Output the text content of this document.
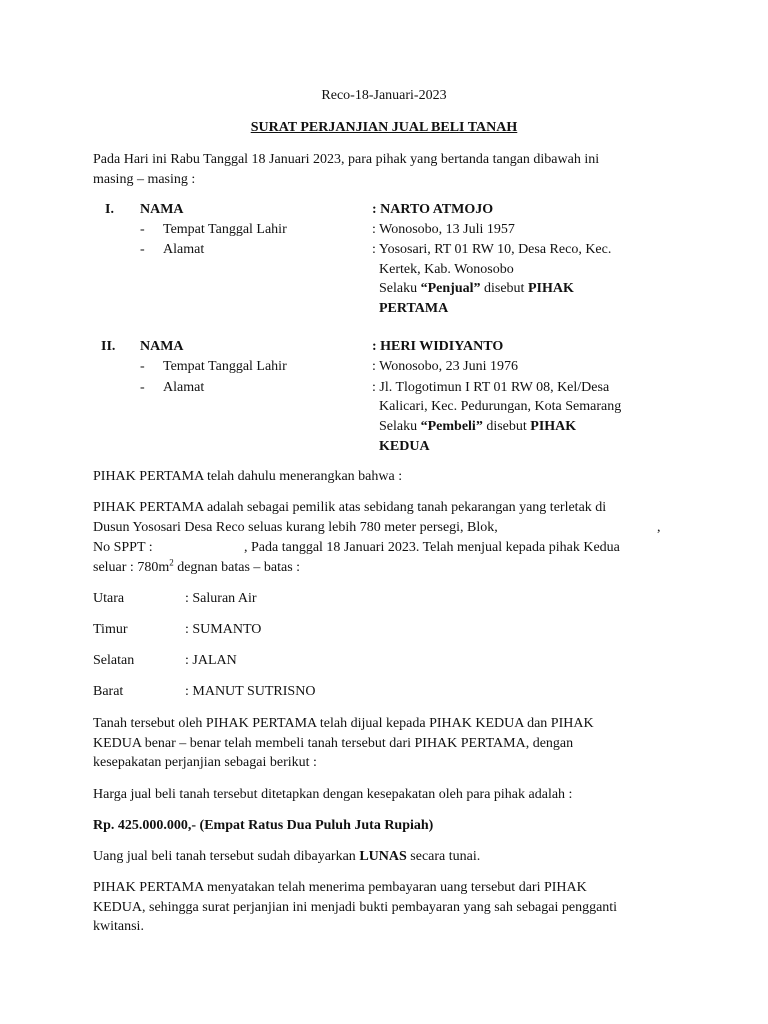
Reco-18-Januari-2023
SURAT PERJANJIAN JUAL BELI TANAH
Pada Hari ini Rabu Tanggal 18 Januari 2023, para pihak yang bertanda tangan dibawah ini
masing – masing :
I. NAMA	: NARTO ATMOJO
- Tempat Tanggal Lahir	: Wonosobo, 13 Juli 1957
- Alamat	: Yososari, RT 01 RW 10, Desa Reco, Kec.
Kertek, Kab. Wonosobo
Selaku “Penjual” disebut PIHAK
PERTAMA
II. NAMA	: HERI WIDIYANTO
- Tempat Tanggal Lahir	: Wonosobo, 23 Juni 1976
- Alamat	: Jl. Tlogotimun I RT 01 RW 08, Kel/Desa
Kalicari, Kec. Pedurungan, Kota Semarang
Selaku “Pembeli” disebut PIHAK
KEDUA
PIHAK PERTAMA telah dahulu menerangkan bahwa :
PIHAK PERTAMA adalah sebagai pemilik atas sebidang tanah pekarangan yang terletak di
Dusun Yososari Desa Reco seluas kurang lebih 780 meter persegi, Blok,	,
No SPPT :	, Pada tanggal 18 Januari 2023. Telah menjual kepada pihak Kedua
seluar : $780m^2$ degnan batas – batas :
Utara	: Saluran Air
Timur	: SUMANTO
Selatan	: JALAN
Barat	: MANUT SUTRISNO
Tanah tersebut oleh PIHAK PERTAMA telah dijual kepada PIHAK KEDUA dan PIHAK
KEDUA benar – benar telah membeli tanah tersebut dari PIHAK PERTAMA, dengan
kesepakatan perjanjian sebagai berikut :
Harga jual beli tanah tersebut ditetapkan dengan kesepakatan oleh para pihak adalah :
Rp. 425.000.000,- (Empat Ratus Dua Puluh Juta Rupiah)
Uang jual beli tanah tersebut sudah dibayarkan LUNAS secara tunai.
PIHAK PERTAMA menyatakan telah menerima pembayaran uang tersebut dari PIHAK
KEDUA, sehingga surat perjanjian ini menjadi bukti pembayaran yang sah sebagai pengganti
kwitansi.
